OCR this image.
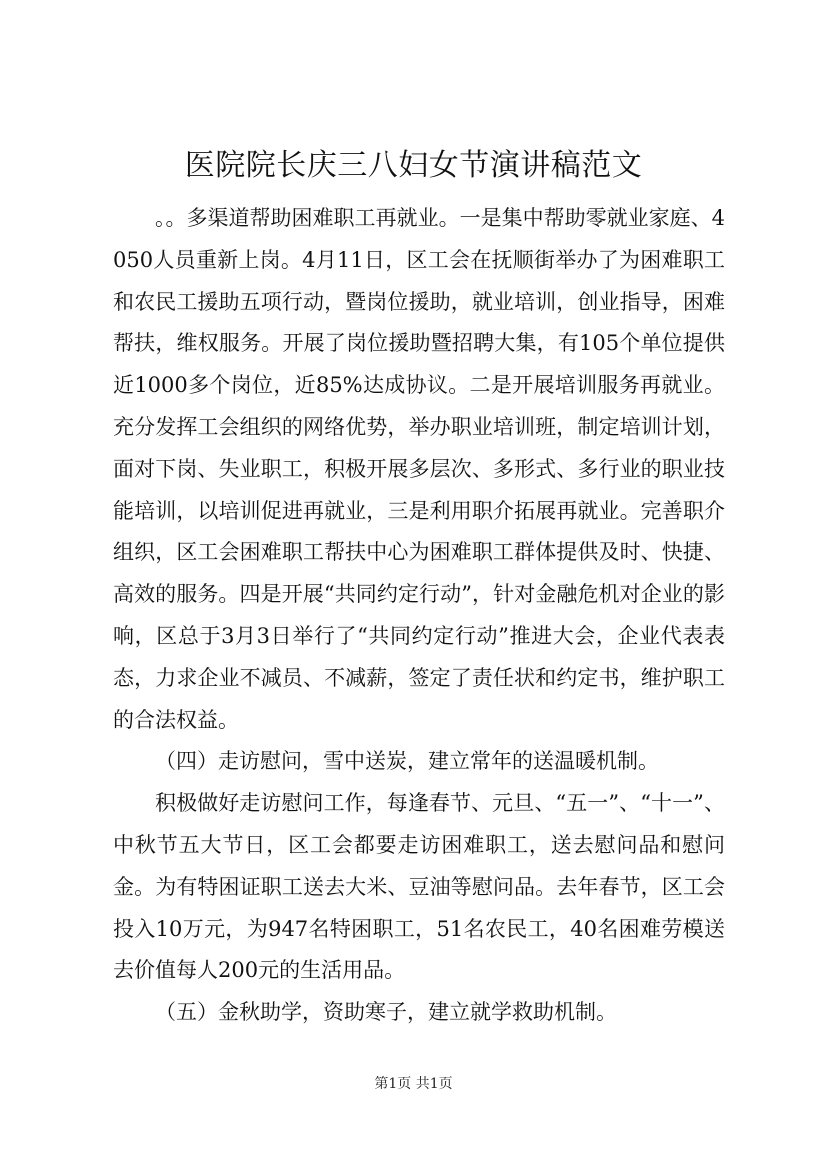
医院院长庆三八妇女节演讲稿范文

。。多渠道帮助困难职工再就业。一是集中帮助零就业家庭、4050人员重新上岗。4月11日，区工会在抚顺街举办了为困难职工和农民工援助五项行动，暨岗位援助，就业培训，创业指导，困难帮扶，维权服务。开展了岗位援助暨招聘大集，有105个单位提供近1000多个岗位，近85%达成协议。二是开展培训服务再就业。充分发挥工会组织的网络优势，举办职业培训班，制定培训计划，面对下岗、失业职工，积极开展多层次、多形式、多行业的职业技能培训，以培训促进再就业，三是利用职介拓展再就业。完善职介组织，区工会困难职工帮扶中心为困难职工群体提供及时、快捷、高效的服务。四是开展“共同约定行动”，针对金融危机对企业的影响，区总于3月3日举行了“共同约定行动”推进大会，企业代表表态，力求企业不减员、不减薪，签定了责任状和约定书，维护职工的合法权益。

（四）走访慰问，雪中送炭，建立常年的送温暖机制。

积极做好走访慰问工作，每逢春节、元旦、“五一”、“十一”、中秋节五大节日，区工会都要走访困难职工，送去慰问品和慰问金。为有特困证职工送去大米、豆油等慰问品。去年春节，区工会投入10万元，为947名特困职工，51名农民工，40名困难劳模送去价值每人200元的生活用品。

（五）金秋助学，资助寒子，建立就学救助机制。

第1页 共1页
